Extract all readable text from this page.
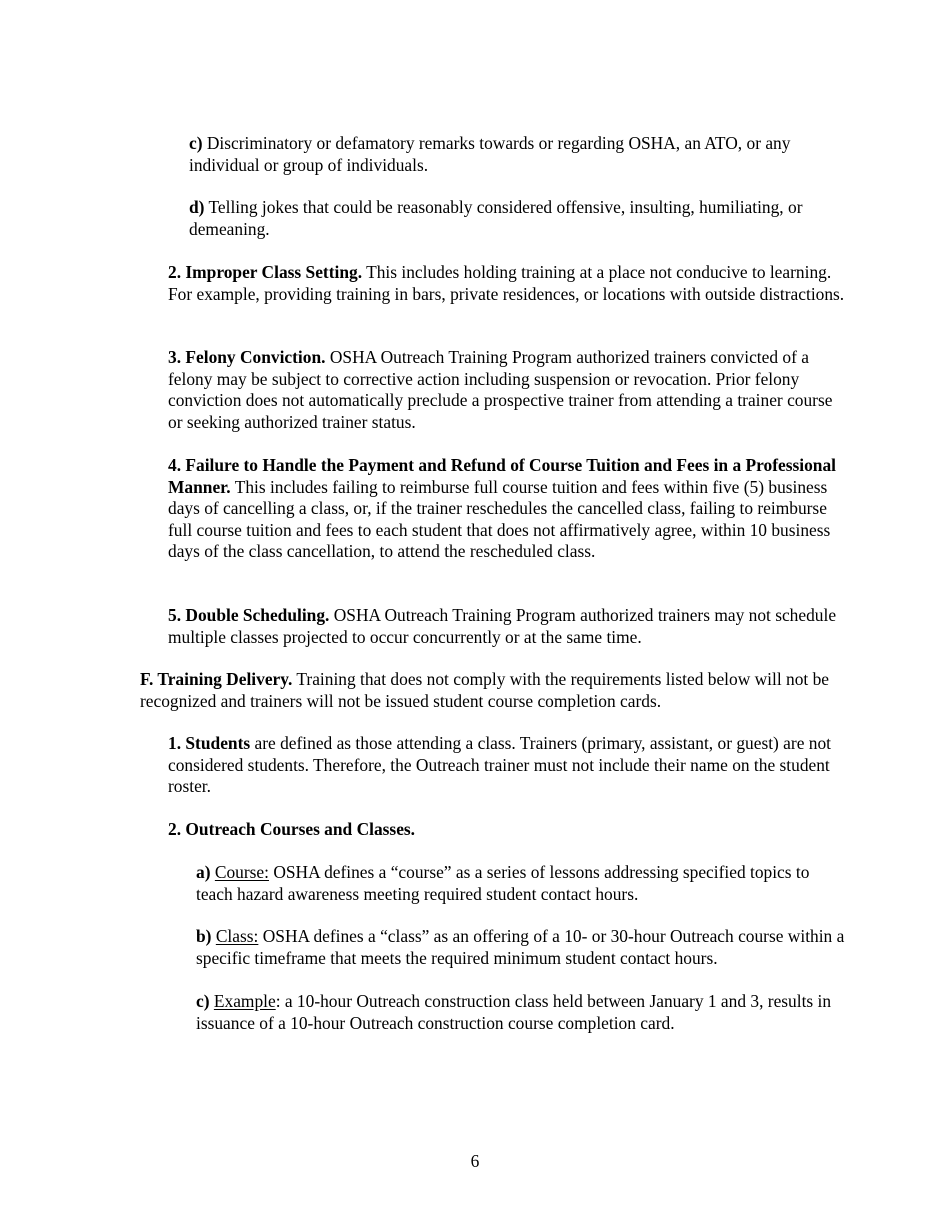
c) Discriminatory or defamatory remarks towards or regarding OSHA, an ATO, or any individual or group of individuals.

d) Telling jokes that could be reasonably considered offensive, insulting, humiliating, or demeaning.

2. Improper Class Setting. This includes holding training at a place not conducive to learning. For example, providing training in bars, private residences, or locations with outside distractions.

3. Felony Conviction. OSHA Outreach Training Program authorized trainers convicted of a felony may be subject to corrective action including suspension or revocation. Prior felony conviction does not automatically preclude a prospective trainer from attending a trainer course or seeking authorized trainer status.

4. Failure to Handle the Payment and Refund of Course Tuition and Fees in a Professional Manner. This includes failing to reimburse full course tuition and fees within five (5) business days of cancelling a class, or, if the trainer reschedules the cancelled class, failing to reimburse full course tuition and fees to each student that does not affirmatively agree, within 10 business days of the class cancellation, to attend the rescheduled class.

5. Double Scheduling. OSHA Outreach Training Program authorized trainers may not schedule multiple classes projected to occur concurrently or at the same time.

F. Training Delivery. Training that does not comply with the requirements listed below will not be recognized and trainers will not be issued student course completion cards.

1. Students are defined as those attending a class. Trainers (primary, assistant, or guest) are not considered students. Therefore, the Outreach trainer must not include their name on the student roster.

2. Outreach Courses and Classes.

a) Course: OSHA defines a “course” as a series of lessons addressing specified topics to teach hazard awareness meeting required student contact hours.

b) Class: OSHA defines a “class” as an offering of a 10- or 30-hour Outreach course within a specific timeframe that meets the required minimum student contact hours.

c) Example: a 10-hour Outreach construction class held between January 1 and 3, results in issuance of a 10-hour Outreach construction course completion card.

6
